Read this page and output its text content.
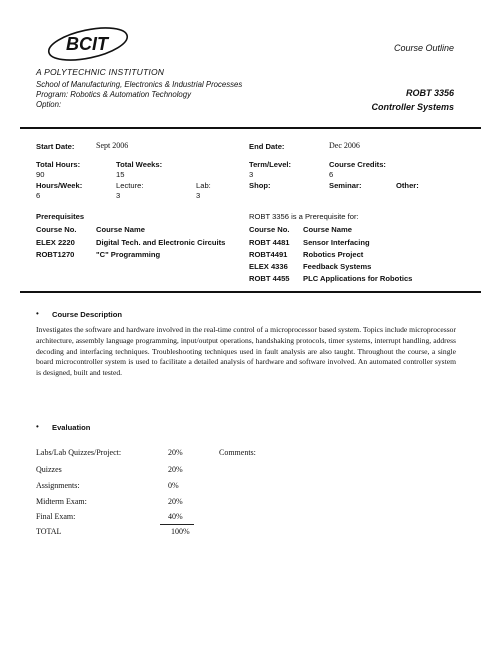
BCIT
A POLYTECHNIC INSTITUTION
School of Manufacturing, Electronics & Industrial Processes
Program: Robotics & Automation Technology
Option:
Course Outline
ROBT 3356
Controller Systems
Start Date:	Sept 2006	End Date:	Dec 2006
Total Hours:
90
Total Weeks:
15
Term/Level:
3
Course Credits:
6
Hours/Week:
6
Lecture:
3
Lab:
3
Shop:	Seminar:	Other:
Prerequisites
Course No.	Course Name
ELEX 2220	Digital Tech. and Electronic Circuits
ROBT1270	"C" Programming
ROBT 3356 is a Prerequisite for:
Course No. Course Name
ROBT 4481 Sensor Interfacing
ROBT4491 Robotics Project
ELEX 4336 Feedback Systems
ROBT 4455 PLC Applications for Robotics
• Course Description
Investigates the software and hardware involved in the real-time control of a microprocessor based system. Topics include microprocessor architecture, assembly language programming, input/output operations, handshaking protocols, timer systems, interrupt handling, address decoding and interfacing techniques. Troubleshooting techniques used in fault analysis are also taught. Throughout the course, a single board microcontroller system is used to facilitate a detailed analysis of hardware and software involved. An automated controller system is designed, built and tested.
• Evaluation
Labs/Lab Quizzes/Project:	20%	Comments:
Quizzes	20%
Assignments:	0%
Midterm Exam:	20%
Final Exam:	40%
TOTAL	100%
